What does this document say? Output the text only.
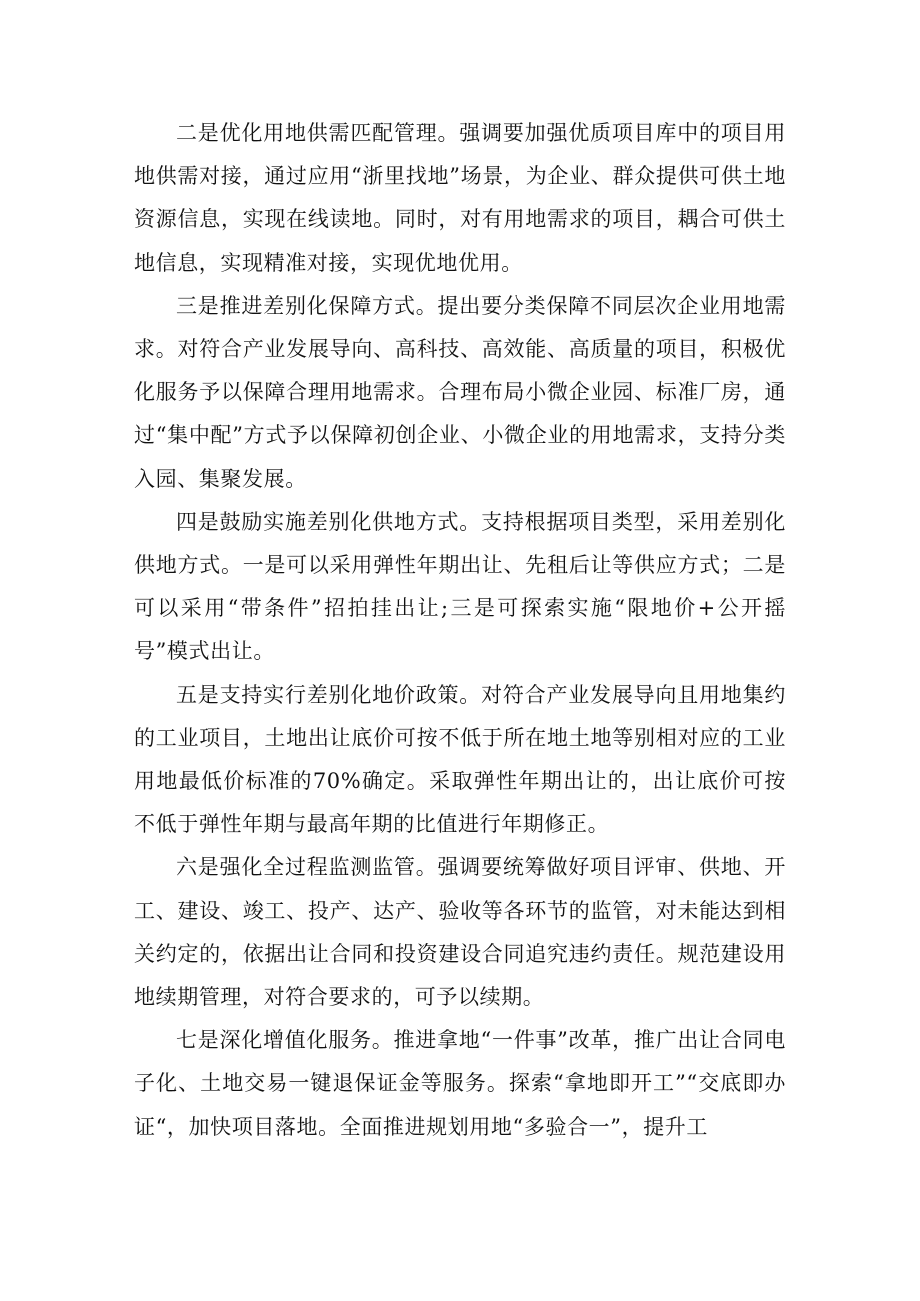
二是优化用地供需匹配管理。强调要加强优质项目库中的项目用地供需对接，通过应用“浙里找地”场景，为企业、群众提供可供土地资源信息，实现在线读地。同时，对有用地需求的项目，耦合可供土地信息，实现精准对接，实现优地优用。

三是推进差别化保障方式。提出要分类保障不同层次企业用地需求。对符合产业发展导向、高科技、高效能、高质量的项目，积极优化服务予以保障合理用地需求。合理布局小微企业园、标准厂房，通过“集中配”方式予以保障初创企业、小微企业的用地需求，支持分类入园、集聚发展。

四是鼓励实施差别化供地方式。支持根据项目类型，采用差别化供地方式。一是可以采用弹性年期出让、先租后让等供应方式；二是可以采用“带条件”招拍挂出让;三是可探索实施“限地价+公开摇号”模式出让。

五是支持实行差别化地价政策。对符合产业发展导向且用地集约的工业项目，土地出让底价可按不低于所在地土地等别相对应的工业用地最低价标准的70%确定。采取弹性年期出让的，出让底价可按不低于弹性年期与最高年期的比值进行年期修正。

六是强化全过程监测监管。强调要统筹做好项目评审、供地、开工、建设、竣工、投产、达产、验收等各环节的监管，对未能达到相关约定的，依据出让合同和投资建设合同追究违约责任。规范建设用地续期管理，对符合要求的，可予以续期。

七是深化增值化服务。推进拿地“一件事”改革，推广出让合同电子化、土地交易一键退保证金等服务。探索“拿地即开工”“交底即办证“，加快项目落地。全面推进规划用地“多验合一”，提升工
